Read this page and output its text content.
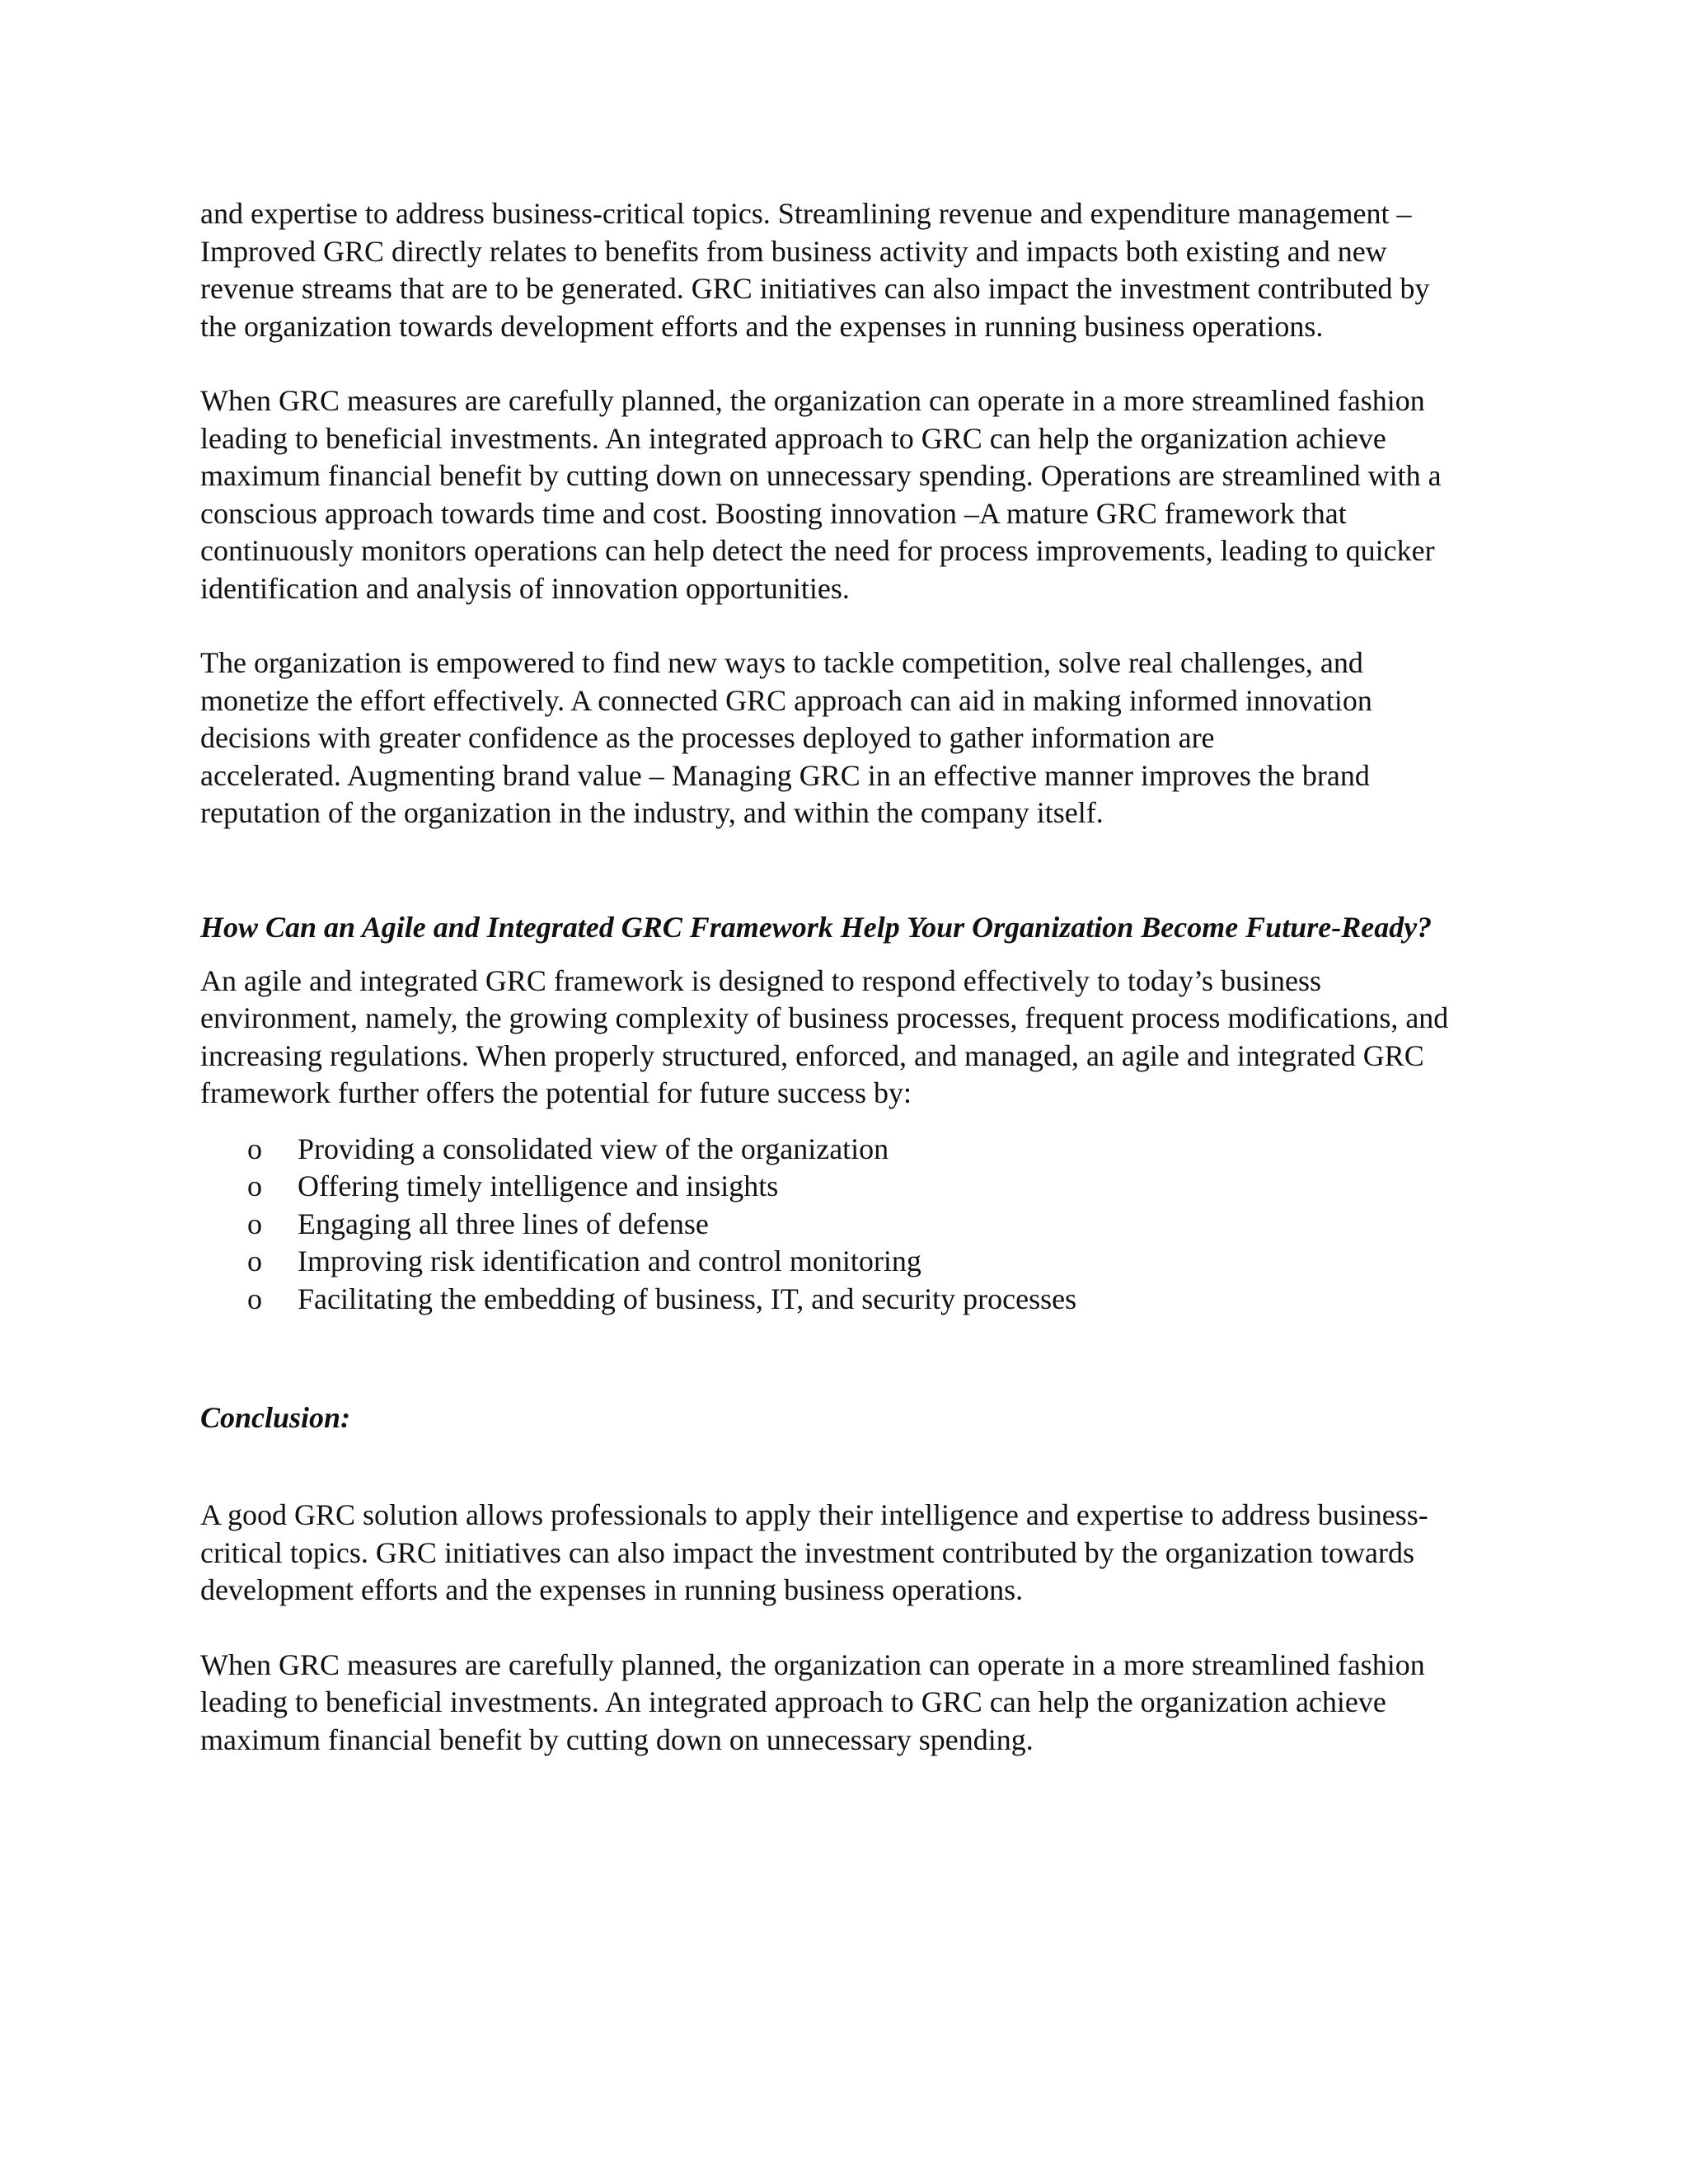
and expertise to address business-critical topics. Streamlining revenue and expenditure management –
Improved GRC directly relates to benefits from business activity and impacts both existing and new
revenue streams that are to be generated. GRC initiatives can also impact the investment contributed by
the organization towards development efforts and the expenses in running business operations.

When GRC measures are carefully planned, the organization can operate in a more streamlined fashion
leading to beneficial investments. An integrated approach to GRC can help the organization achieve
maximum financial benefit by cutting down on unnecessary spending. Operations are streamlined with a
conscious approach towards time and cost. Boosting innovation –A mature GRC framework that
continuously monitors operations can help detect the need for process improvements, leading to quicker
identification and analysis of innovation opportunities.

The organization is empowered to find new ways to tackle competition, solve real challenges, and
monetize the effort effectively. A connected GRC approach can aid in making informed innovation
decisions with greater confidence as the processes deployed to gather information are
accelerated. Augmenting brand value – Managing GRC in an effective manner improves the brand
reputation of the organization in the industry, and within the company itself.

How Can an Agile and Integrated GRC Framework Help Your Organization Become Future-Ready?

An agile and integrated GRC framework is designed to respond effectively to today’s business
environment, namely, the growing complexity of business processes, frequent process modifications, and
increasing regulations. When properly structured, enforced, and managed, an agile and integrated GRC
framework further offers the potential for future success by:

o Providing a consolidated view of the organization
o Offering timely intelligence and insights
o Engaging all three lines of defense
o Improving risk identification and control monitoring
o Facilitating the embedding of business, IT, and security processes
Conclusion:

A good GRC solution allows professionals to apply their intelligence and expertise to address business-
critical topics. GRC initiatives can also impact the investment contributed by the organization towards
development efforts and the expenses in running business operations.

When GRC measures are carefully planned, the organization can operate in a more streamlined fashion
leading to beneficial investments. An integrated approach to GRC can help the organization achieve
maximum financial benefit by cutting down on unnecessary spending.
